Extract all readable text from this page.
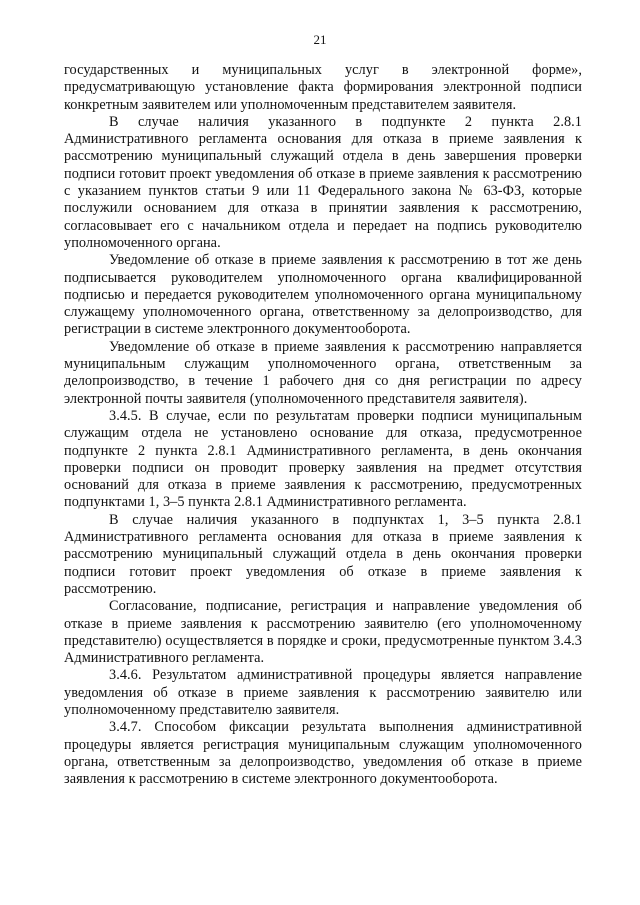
21

государственных и муниципальных услуг в электронной форме», предусматривающую установление факта формирования электронной подписи конкретным заявителем или уполномоченным представителем заявителя.

В случае наличия указанного в подпункте 2 пункта 2.8.1 Административного регламента основания для отказа в приеме заявления к рассмотрению муниципальный служащий отдела в день завершения проверки подписи готовит проект уведомления об отказе в приеме заявления к рассмотрению с указанием пунктов статьи 9 или 11 Федерального закона № 63-ФЗ, которые послужили основанием для отказа в принятии заявления к рассмотрению, согласовывает его с начальником отдела и передает на подпись руководителю уполномоченного органа.

Уведомление об отказе в приеме заявления к рассмотрению в тот же день подписывается руководителем уполномоченного органа квалифицированной подписью и передается руководителем уполномоченного органа муниципальному служащему уполномоченного органа, ответственному за делопроизводство, для регистрации в системе электронного документооборота.

Уведомление об отказе в приеме заявления к рассмотрению направляется муниципальным служащим уполномоченного органа, ответственным за делопроизводство, в течение 1 рабочего дня со дня регистрации по адресу электронной почты заявителя (уполномоченного представителя заявителя).

3.4.5. В случае, если по результатам проверки подписи муниципальным служащим отдела не установлено основание для отказа, предусмотренное подпункте 2 пункта 2.8.1 Административного регламента, в день окончания проверки подписи он проводит проверку заявления на предмет отсутствия оснований для отказа в приеме заявления к рассмотрению, предусмотренных подпунктами 1, 3–5 пункта 2.8.1 Административного регламента.

В случае наличия указанного в подпунктах 1, 3–5 пункта 2.8.1 Административного регламента основания для отказа в приеме заявления к рассмотрению муниципальный служащий отдела в день окончания проверки подписи готовит проект уведомления об отказе в приеме заявления к рассмотрению.

Согласование, подписание, регистрация и направление уведомления об отказе в приеме заявления к рассмотрению заявителю (его уполномоченному представителю) осуществляется в порядке и сроки, предусмотренные пунктом 3.4.3 Административного регламента.

3.4.6. Результатом административной процедуры является направление уведомления об отказе в приеме заявления к рассмотрению заявителю или уполномоченному представителю заявителя.

3.4.7. Способом фиксации результата выполнения административной процедуры является регистрация муниципальным служащим уполномоченного органа, ответственным за делопроизводство, уведомления об отказе в приеме заявления к рассмотрению в системе электронного документооборота.
